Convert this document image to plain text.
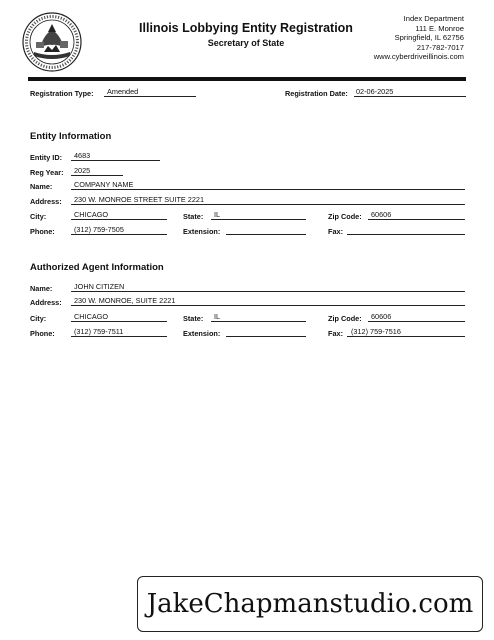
Illinois Lobbying Entity Registration
Secretary of State
Index Department
111 E. Monroe
Springfield, IL 62756
217-782-7017
www.cyberdriveillinois.com
Registration Type: Amended	Registration Date: 02-06-2025
Entity Information
Entity ID: 4683
Reg Year: 2025
Name:	COMPANY NAME
Address: 230 W. MONROE STREET SUITE 2221
City:	CHICAGO	State: IL	Zip Code: 60606
Phone:	(312) 759-7505	Extension:	Fax:
Authorized Agent Information
Name:	JOHN CITIZEN
Address: 230 W. MONROE, SUITE 2221
City:	CHICAGO	State: IL	Zip Code: 60606
Phone:	(312) 759-7511	Extension:	Fax: (312) 759-7516
JakeChapmanstudio.com
